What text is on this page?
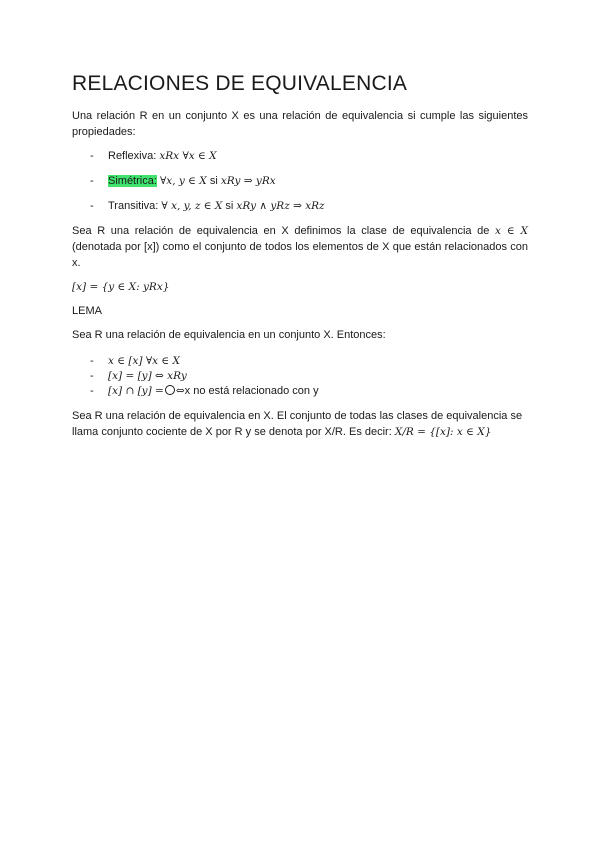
RELACIONES DE EQUIVALENCIA

Una relación R en un conjunto X es una relación de equivalencia si cumple las siguientes propiedades:

- Reflexiva: xRx ∀x ∈ X
- Simétrica: ∀x, y ∈ X si xRy ⇒ yRx
- Transitiva: ∀ x, y, z ∈ X si xRy ∧ yRz ⇒ xRz

Sea R una relación de equivalencia en X definimos la clase de equivalencia de x ∈ X (denotada por [x]) como el conjunto de todos los elementos de X que están relacionados con x.

[x] = {y ∈ X: yRx}

LEMA

Sea R una relación de equivalencia en un conjunto X. Entonces:

- x ∈ [x] ∀x ∈ X
- [x] = [y] ⇔ xRy
- [x] ∩ [y] = ⇔x no está relacionado con y

Sea R una relación de equivalencia en X. El conjunto de todas las clases de equivalencia se llama conjunto cociente de X por R y se denota por X/R. Es decir: X/R = {[x]: x ∈ X}
